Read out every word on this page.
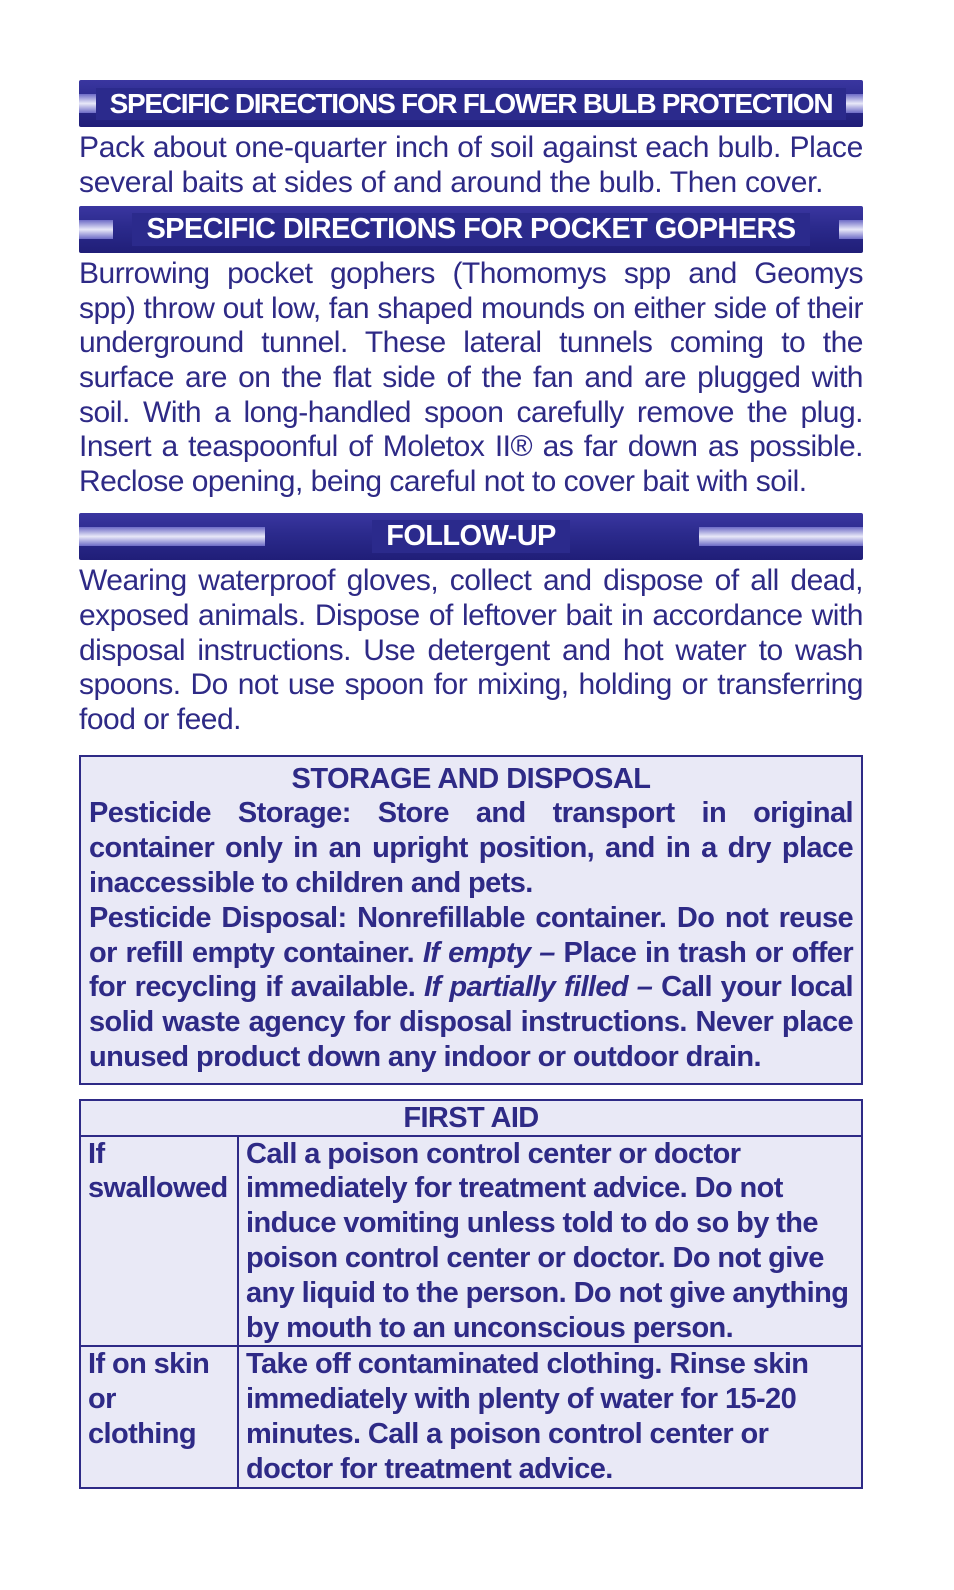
SPECIFIC DIRECTIONS FOR FLOWER BULB PROTECTION
Pack about one-quarter inch of soil against each bulb. Place several baits at sides of and around the bulb. Then cover.
SPECIFIC DIRECTIONS FOR POCKET GOPHERS
Burrowing pocket gophers (Thomomys spp and Geomys spp) throw out low, fan shaped mounds on either side of their underground tunnel. These lateral tunnels coming to the surface are on the flat side of the fan and are plugged with soil. With a long-handled spoon carefully remove the plug. Insert a teaspoonful of Moletox II® as far down as possible. Reclose opening, being careful not to cover bait with soil.
FOLLOW-UP
Wearing waterproof gloves, collect and dispose of all dead, exposed animals. Dispose of leftover bait in accordance with disposal instructions. Use detergent and hot water to wash spoons. Do not use spoon for mixing, holding or transferring food or feed.
STORAGE AND DISPOSAL
Pesticide Storage: Store and transport in original container only in an upright position, and in a dry place inaccessible to children and pets.
Pesticide Disposal: Nonrefillable container. Do not reuse or refill empty container. If empty – Place in trash or offer for recycling if available. If partially filled – Call your local solid waste agency for disposal instructions. Never place unused product down any indoor or outdoor drain.
FIRST AID	
If swallowed	Call a poison control center or doctor immediately for treatment advice. Do not induce vomiting unless told to do so by the poison control center or doctor. Do not give any liquid to the person. Do not give anything by mouth to an unconscious person.
If on skin or clothing	Take off contaminated clothing. Rinse skin immediately with plenty of water for 15-20 minutes. Call a poison control center or doctor for treatment advice.
